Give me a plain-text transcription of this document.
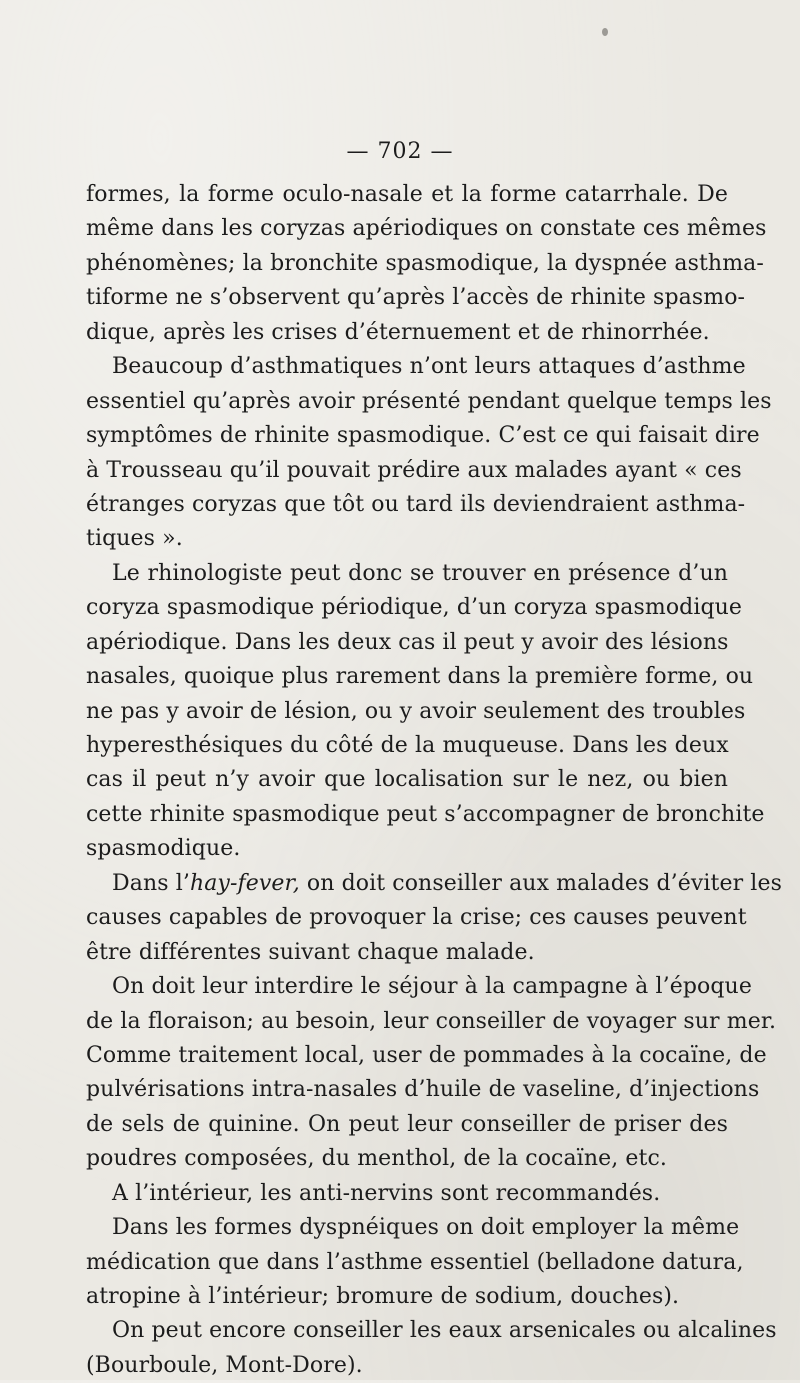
— 702 —
formes, la forme oculo-nasale et la forme catarrhale. De
même dans les coryzas apériodiques on constate ces mêmes
phénomènes; la bronchite spasmodique, la dyspnée asthma-
tiforme ne s’observent qu’après l’accès de rhinite spasmo-
dique, après les crises d’éternuement et de rhinorrhée.
Beaucoup d’asthmatiques n’ont leurs attaques d’asthme
essentiel qu’après avoir présenté pendant quelque temps les
symptômes de rhinite spasmodique. C’est ce qui faisait dire
à Trousseau qu’il pouvait prédire aux malades ayant « ces
étranges coryzas que tôt ou tard ils deviendraient asthma-
tiques ».
Le rhinologiste peut donc se trouver en présence d’un
coryza spasmodique périodique, d’un coryza spasmodique
apériodique. Dans les deux cas il peut y avoir des lésions
nasales, quoique plus rarement dans la première forme, ou
ne pas y avoir de lésion, ou y avoir seulement des troubles
hyperesthésiques du côté de la muqueuse. Dans les deux
cas il peut n’y avoir que localisation sur le nez, ou bien
cette rhinite spasmodique peut s’accompagner de bronchite
spasmodique.
Dans l’hay-fever, on doit conseiller aux malades d’éviter les
causes capables de provoquer la crise; ces causes peuvent
être différentes suivant chaque malade.
On doit leur interdire le séjour à la campagne à l’époque
de la floraison; au besoin, leur conseiller de voyager sur mer.
Comme traitement local, user de pommades à la cocaïne, de
pulvérisations intra-nasales d’huile de vaseline, d’injections
de sels de quinine. On peut leur conseiller de priser des
poudres composées, du menthol, de la cocaïne, etc.
A l’intérieur, les anti-nervins sont recommandés.
Dans les formes dyspnéiques on doit employer la même
médication que dans l’asthme essentiel (belladone datura,
atropine à l’intérieur; bromure de sodium, douches).
On peut encore conseiller les eaux arsenicales ou alcalines
(Bourboule, Mont-Dore).
